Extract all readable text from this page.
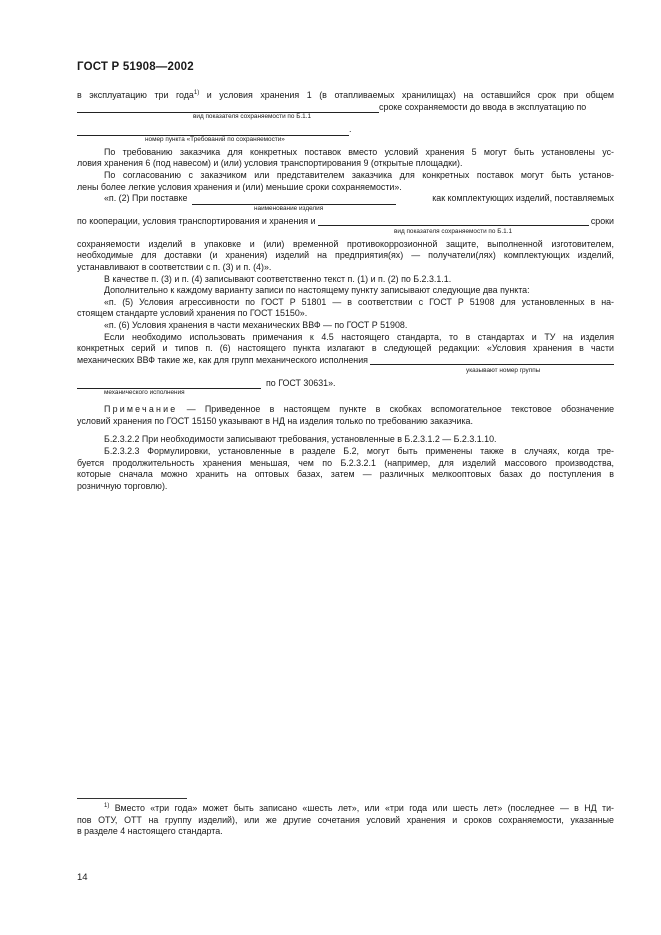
ГОСТ Р 51908—2002
в эксплуатацию три года$^{1)}$ и условия хранения 1 (в отапливаемых хранилищах) на оставшийся срок при общем
сроке сохраняемости до ввода в эксплуатацию по
вид показателя сохраняемости по Б.1.1
.
номер пункта «Требований по сохраняемости»
По требованию заказчика для конкретных поставок вместо условий хранения 5 могут быть установлены ус-
ловия хранения 6 (под навесом) и (или) условия транспортирования 9 (открытые площадки).
По согласованию с заказчиком или представителем заказчика для конкретных поставок могут быть установ-
лены более легкие условия хранения и (или) меньшие сроки сохраняемости».
«п. (2) При поставке	как комплектующих изделий, поставляемых
наименование изделия
по кооперации, условия транспортирования и хранения и	сроки
вид показателя сохраняемости по Б.1.1
сохраняемости изделий в упаковке и (или) временной противокоррозионной защите, выполненной изготовителем,
необходимые для доставки (и хранения) изделий на предприятия(ях) — получатели(лях) комплектующих изделий,
устанавливают в соответствии с п. (3) и п. (4)».
В качестве п. (3) и п. (4) записывают соответственно текст п. (1) и п. (2) по Б.2.3.1.1.
Дополнительно к каждому варианту записи по настоящему пункту записывают следующие два пункта:
«п. (5) Условия агрессивности по ГОСТ Р 51801 — в соответствии с ГОСТ Р 51908 для установленных в на-
стоящем стандарте условий хранения по ГОСТ 15150».
«п. (6) Условия хранения в части механических ВВФ — по ГОСТ Р 51908.
Если необходимо использовать примечания к 4.5 настоящего стандарта, то в стандартах и ТУ на изделия
конкретных серий и типов п. (6) настоящего пункта излагают в следующей редакции: «Условия хранения в части
механических ВВФ такие же, как для групп механического исполнения
указывают номер группы
по ГОСТ 30631».
механического исполнения
Примечание — Приведенное в настоящем пункте в скобках вспомогательное текстовое обозначение
условий хранения по ГОСТ 15150 указывают в НД на изделия только по требованию заказчика.
Б.2.3.2.2 При необходимости записывают требования, установленные в Б.2.3.1.2 — Б.2.3.1.10.
Б.2.3.2.3 Формулировки, установленные в разделе Б.2, могут быть применены также в случаях, когда тре-
буется продолжительность хранения меньшая, чем по Б.2.3.2.1 (например, для изделий массового производства,
которые сначала можно хранить на оптовых базах, затем — различных мелкооптовых базах до поступления в
розничную торговлю).
$^{1)}$ Вместо «три года» может быть записано «шесть лет», или «три года или шесть лет» (последнее — в НД ти-
пов ОТУ, ОТТ на группу изделий), или же другие сочетания условий хранения и сроков сохраняемости, указанные
в разделе 4 настоящего стандарта.
14
